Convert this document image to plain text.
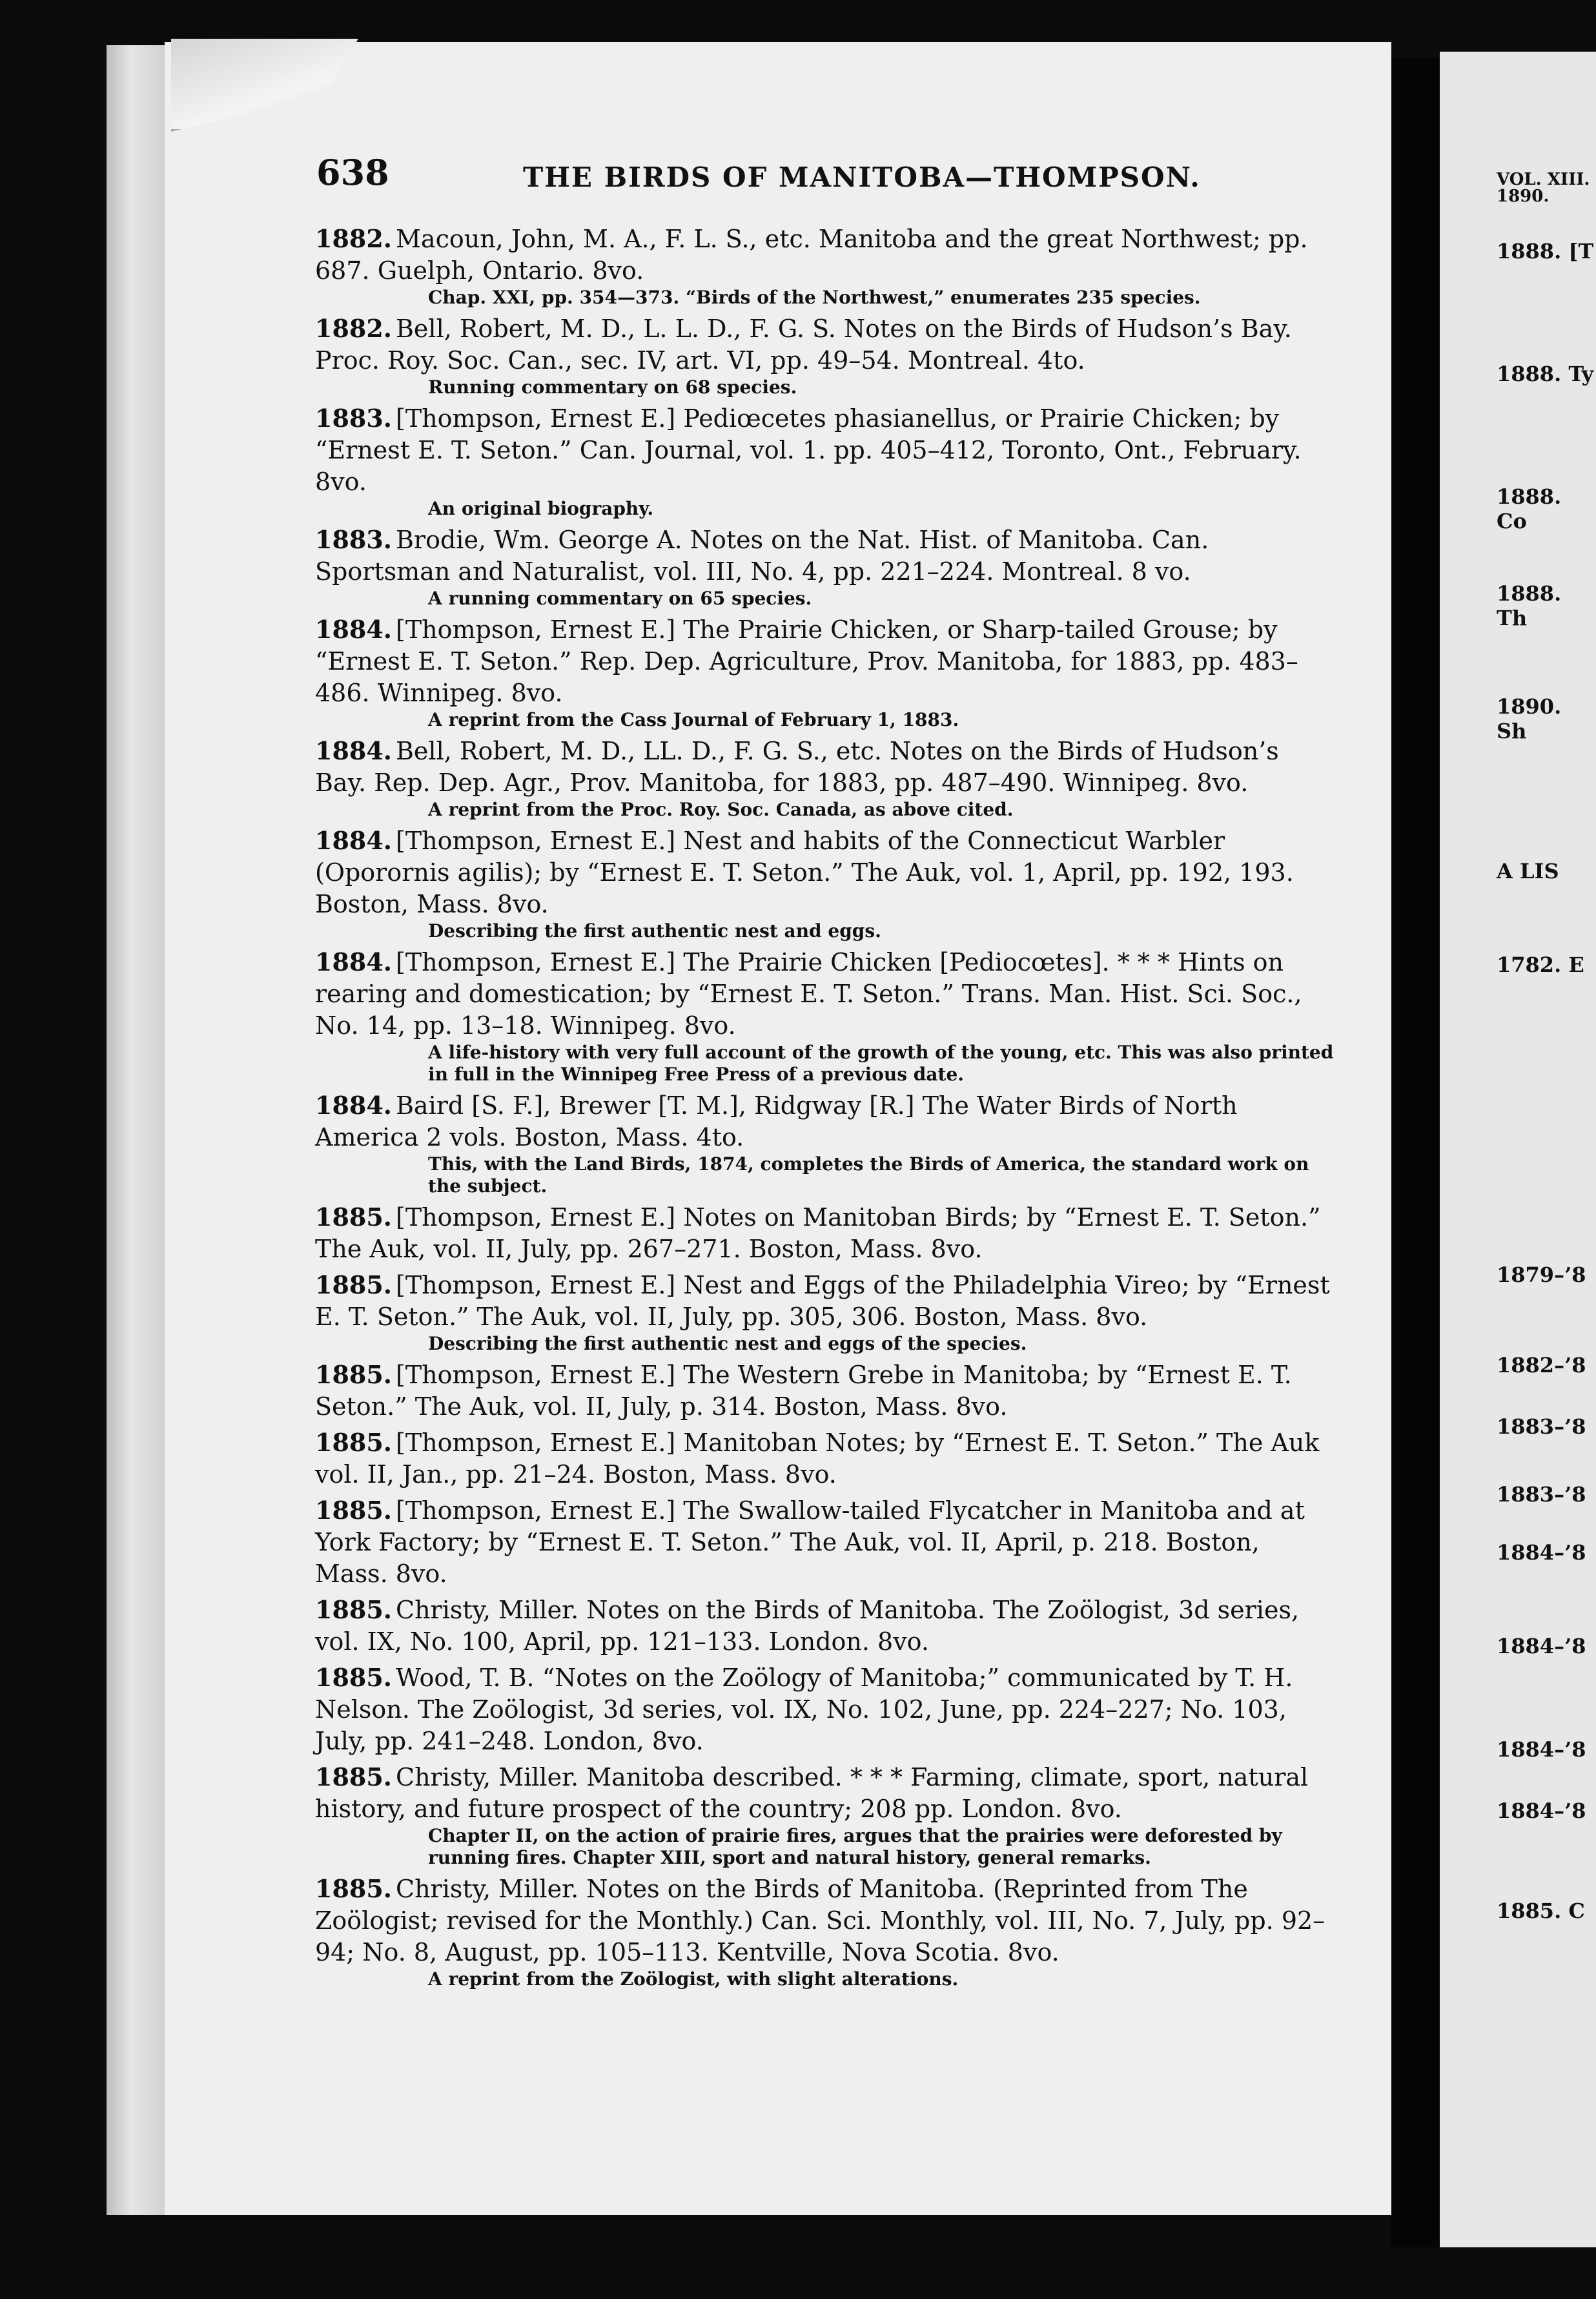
638	THE BIRDS OF MANITOBA—THOMPSON.
1882. Macoun, John, M. A., F. L. S., etc. Manitoba and the great Northwest; pp. 687. Guelph, Ontario. 8vo.
Chap. XXI, pp. 354—373. “Birds of the Northwest,” enumerates 235 species.
1882. Bell, Robert, M. D., L. L. D., F. G. S. Notes on the Birds of Hudson’s Bay. Proc. Roy. Soc. Can., sec. IV, art. VI, pp. 49–54. Montreal. 4to.
Running commentary on 68 species.
1883. [Thompson, Ernest E.] Pediœcetes phasianellus, or Prairie Chicken; by “Ernest E. T. Seton.” Can. Journal, vol. 1. pp. 405–412, Toronto, Ont., February. 8vo.
An original biography.
1883. Brodie, Wm. George A. Notes on the Nat. Hist. of Manitoba. Can. Sportsman and Naturalist, vol. III, No. 4, pp. 221–224. Montreal. 8 vo.
A running commentary on 65 species.
1884. [Thompson, Ernest E.] The Prairie Chicken, or Sharp-tailed Grouse; by “Ernest E. T. Seton.” Rep. Dep. Agriculture, Prov. Manitoba, for 1883, pp. 483–486. Winnipeg. 8vo.
A reprint from the Cass Journal of February 1, 1883.
1884. Bell, Robert, M. D., LL. D., F. G. S., etc. Notes on the Birds of Hudson’s Bay. Rep. Dep. Agr., Prov. Manitoba, for 1883, pp. 487–490. Winnipeg. 8vo.
A reprint from the Proc. Roy. Soc. Canada, as above cited.
1884. [Thompson, Ernest E.] Nest and habits of the Connecticut Warbler (Oporornis agilis); by “Ernest E. T. Seton.” The Auk, vol. 1, April, pp. 192, 193. Boston, Mass. 8vo.
Describing the first authentic nest and eggs.
1884. [Thompson, Ernest E.] The Prairie Chicken [Pediocœtes]. * * * Hints on rearing and domestication; by “Ernest E. T. Seton.” Trans. Man. Hist. Sci. Soc., No. 14, pp. 13–18. Winnipeg. 8vo.
A life-history with very full account of the growth of the young, etc. This was also printed in full in the Winnipeg Free Press of a previous date.
1884. Baird [S. F.], Brewer [T. M.], Ridgway [R.] The Water Birds of North America 2 vols. Boston, Mass. 4to.
This, with the Land Birds, 1874, completes the Birds of America, the standard work on the subject.
1885. [Thompson, Ernest E.] Notes on Manitoban Birds; by “Ernest E. T. Seton.” The Auk, vol. II, July, pp. 267–271. Boston, Mass. 8vo.
1885. [Thompson, Ernest E.] Nest and Eggs of the Philadelphia Vireo; by “Ernest E. T. Seton.” The Auk, vol. II, July, pp. 305, 306. Boston, Mass. 8vo.
Describing the first authentic nest and eggs of the species.
1885. [Thompson, Ernest E.] The Western Grebe in Manitoba; by “Ernest E. T. Seton.” The Auk, vol. II, July, p. 314. Boston, Mass. 8vo.
1885. [Thompson, Ernest E.] Manitoban Notes; by “Ernest E. T. Seton.” The Auk vol. II, Jan., pp. 21–24. Boston, Mass. 8vo.
1885. [Thompson, Ernest E.] The Swallow-tailed Flycatcher in Manitoba and at York Factory; by “Ernest E. T. Seton.” The Auk, vol. II, April, p. 218. Boston, Mass. 8vo.
1885. Christy, Miller. Notes on the Birds of Manitoba. The Zoölogist, 3d series, vol. IX, No. 100, April, pp. 121–133. London. 8vo.
1885. Wood, T. B. “Notes on the Zoölogy of Manitoba;” communicated by T. H. Nelson. The Zoölogist, 3d series, vol. IX, No. 102, June, pp. 224–227; No. 103, July, pp. 241–248. London, 8vo.
1885. Christy, Miller. Manitoba described. * * * Farming, climate, sport, natural history, and future prospect of the country; 208 pp. London. 8vo.
Chapter II, on the action of prairie fires, argues that the prairies were deforested by running fires. Chapter XIII, sport and natural history, general remarks.
1885. Christy, Miller. Notes on the Birds of Manitoba. (Reprinted from The Zoölogist; revised for the Monthly.) Can. Sci. Monthly, vol. III, No. 7, July, pp. 92–94; No. 8, August, pp. 105–113. Kentville, Nova Scotia. 8vo.
A reprint from the Zoölogist, with slight alterations.
VOL. XIII.
1890.
1888. [T
1888. Ty
1888. Co
1888. Th
1890. Sh
A LIS
1782. E
1879–’8
1882–’8
1883–’8
1883–’8
1884–’8
1884–’8
1884–’8
1884–’8
1885. C
